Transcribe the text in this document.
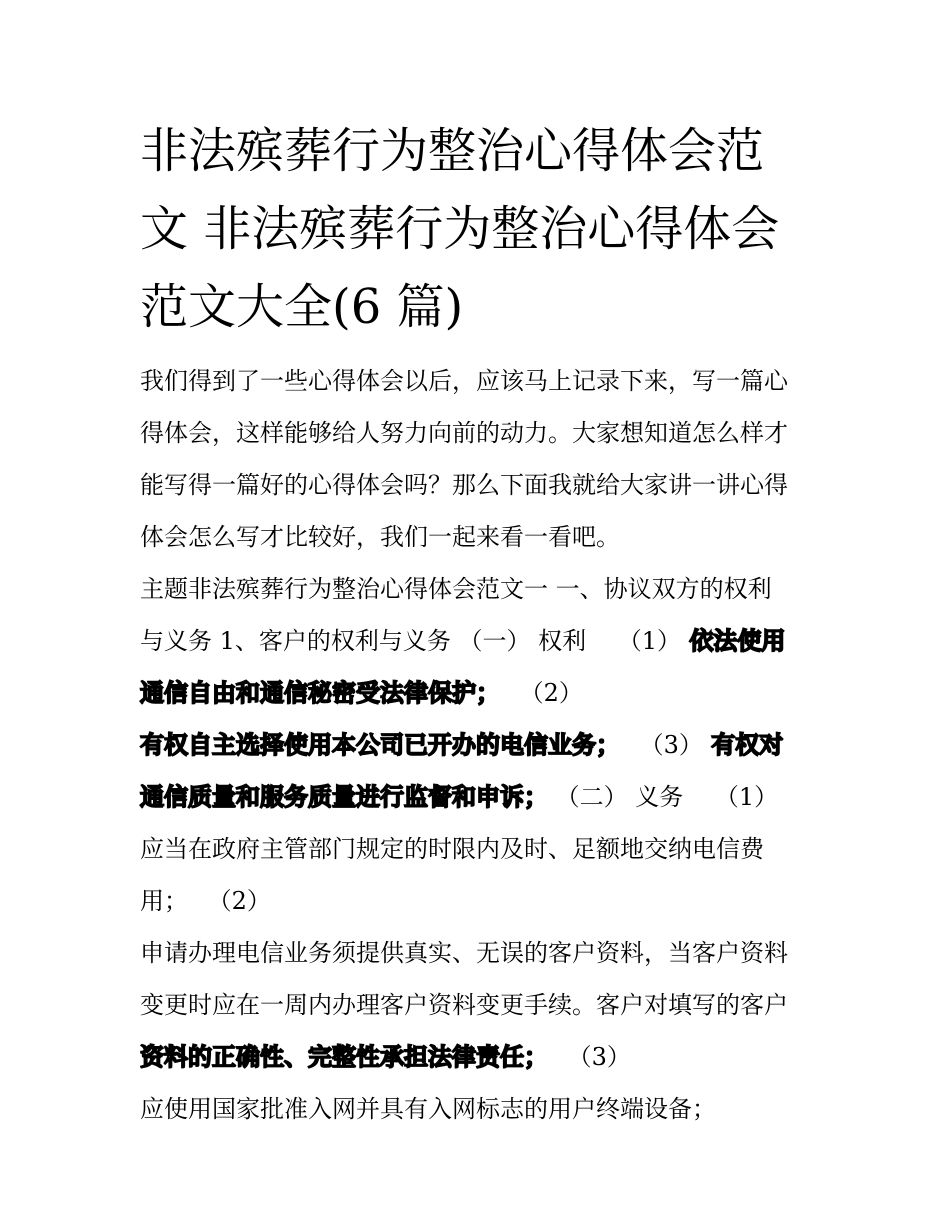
非法殡葬行为整治心得体会范
文 非法殡葬行为整治心得体会
范文大全(6 篇)
我们得到了一些心得体会以后，应该马上记录下来，写一篇心
得体会，这样能够给人努力向前的动力。大家想知道怎么样才
能写得一篇好的心得体会吗？那么下面我就给大家讲一讲心得
体会怎么写才比较好，我们一起来看一看吧。
主题非法殡葬行为整治心得体会范文一 一、协议双方的权利
与义务 1、客户的权利与义务 （一） 权利　 （1） 依法使用
通信自由和通信秘密受法律保护；　 （2）
有权自主选择使用本公司已开办的电信业务；　 （3） 有权对
通信质量和服务质量进行监督和申诉； （二） 义务　 （1）
应当在政府主管部门规定的时限内及时、足额地交纳电信费
用；　 （2）
申请办理电信业务须提供真实、无误的客户资料，当客户资料
变更时应在一周内办理客户资料变更手续。客户对填写的客户
资料的正确性、完整性承担法律责任；　 （3）
应使用国家批准入网并具有入网标志的用户终端设备；
